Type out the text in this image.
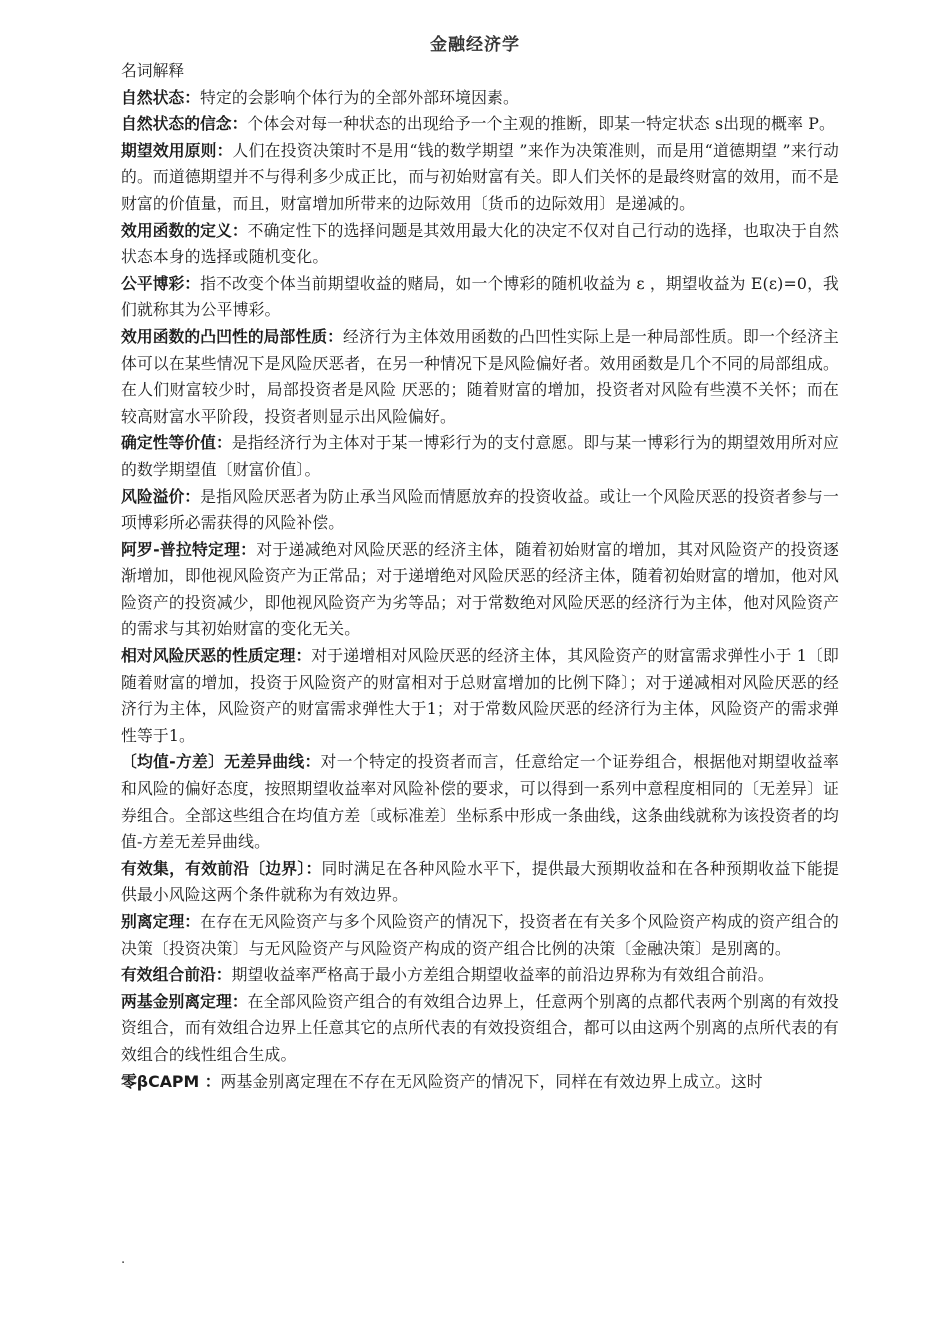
金融经济学

名词解释

自然状态：特定的会影响个体行为的全部外部环境因素。

自然状态的信念：个体会对每一种状态的出现给予一个主观的推断，即某一特定状态 s出现的概率 P。

期望效用原则：人们在投资决策时不是用“钱的数学期望 ”来作为决策准则，而是用“道德期望 ”来行动的。而道德期望并不与得利多少成正比，而与初始财富有关。即人们关怀的是最终财富的效用，而不是财富的价值量，而且，财富增加所带来的边际效用〔货币的边际效用〕是递减的。

效用函数的定义：不确定性下的选择问题是其效用最大化的决定不仅对自己行动的选择，也取决于自然状态本身的选择或随机变化。

公平博彩：指不改变个体当前期望收益的赌局，如一个博彩的随机收益为 ε ，期望收益为 E(ε)=0，我们就称其为公平博彩。

效用函数的凸凹性的局部性质：经济行为主体效用函数的凸凹性实际上是一种局部性质。即一个经济主体可以在某些情况下是风险厌恶者，在另一种情况下是风险偏好者。效用函数是几个不同的局部组成。在人们财富较少时，局部投资者是风险 厌恶的；随着财富的增加，投资者对风险有些漠不关怀；而在较高财富水平阶段，投资者则显示出风险偏好。

确定性等价值：是指经济行为主体对于某一博彩行为的支付意愿。即与某一博彩行为的期望效用所对应的数学期望值〔财富价值〕。

风险溢价：是指风险厌恶者为防止承当风险而情愿放弃的投资收益。或让一个风险厌恶的投资者参与一项博彩所必需获得的风险补偿。

阿罗-普拉特定理：对于递减绝对风险厌恶的经济主体，随着初始财富的增加，其对风险资产的投资逐渐增加，即他视风险资产为正常品；对于递增绝对风险厌恶的经济主体，随着初始财富的增加，他对风险资产的投资减少，即他视风险资产为劣等品；对于常数绝对风险厌恶的经济行为主体，他对风险资产的需求与其初始财富的变化无关。

相对风险厌恶的性质定理：对于递增相对风险厌恶的经济主体，其风险资产的财富需求弹性小于 1〔即随着财富的增加，投资于风险资产的财富相对于总财富增加的比例下降〕；对于递减相对风险厌恶的经济行为主体，风险资产的财富需求弹性大于1；对于常数风险厌恶的经济行为主体，风险资产的需求弹性等于1。

〔均值-方差〕无差异曲线：对一个特定的投资者而言，任意给定一个证券组合，根据他对期望收益率和风险的偏好态度，按照期望收益率对风险补偿的要求，可以得到一系列中意程度相同的〔无差异〕证券组合。全部这些组合在均值方差〔或标准差〕坐标系中形成一条曲线，这条曲线就称为该投资者的均值-方差无差异曲线。

有效集，有效前沿〔边界〕：同时满足在各种风险水平下，提供最大预期收益和在各种预期收益下能提供最小风险这两个条件就称为有效边界。

别离定理：在存在无风险资产与多个风险资产的情况下，投资者在有关多个风险资产构成的资产组合的决策〔投资决策〕与无风险资产与风险资产构成的资产组合比例的决策〔金融决策〕是别离的。

有效组合前沿：期望收益率严格高于最小方差组合期望收益率的前沿边界称为有效组合前沿。

两基金别离定理：在全部风险资产组合的有效组合边界上，任意两个别离的点都代表两个别离的有效投资组合，而有效组合边界上任意其它的点所代表的有效投资组合，都可以由这两个别离的点所代表的有效组合的线性组合生成。

零βCAPM ：两基金别离定理在不存在无风险资产的情况下，同样在有效边界上成立。这时

.
